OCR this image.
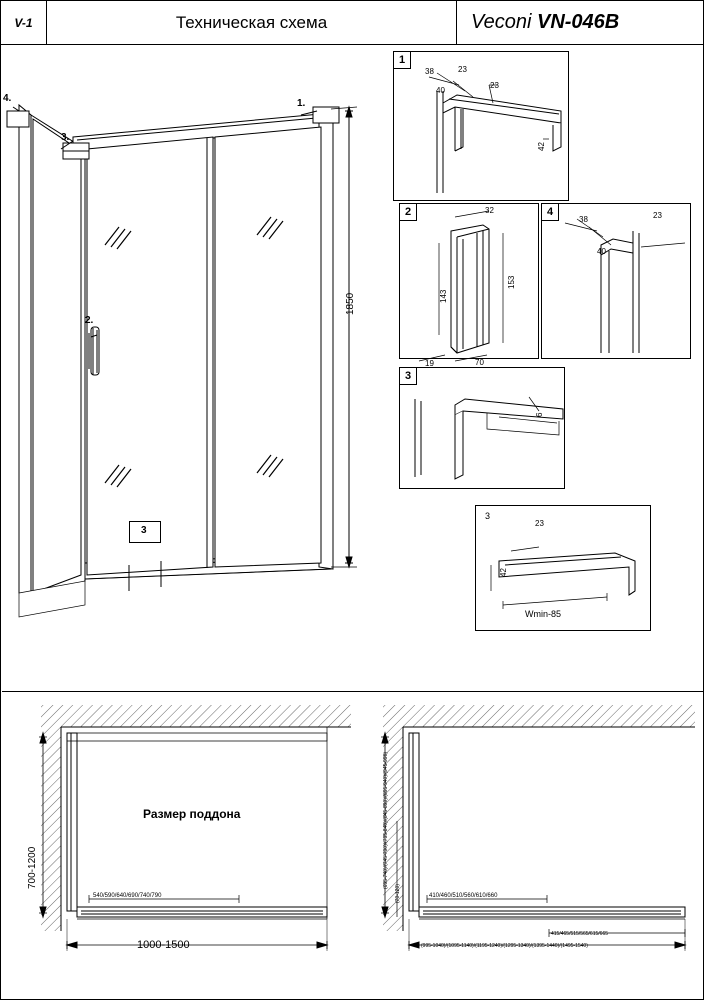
V-1	Техническая схема	Veconi
VN-046B
4.
3.
1.
2.
1850
3
1
38	23
23
40
42
2	32
143
153
19	70
3
6
4
38	23
40
3
23
42
Wmin-85
Размер поддона
540/590/640/690/740/790
700-1200
1000-1500
(695-740)/(745-790)/(795-840)/(845-890)/(895-940)/(945-990)
(70-120)	410/460/510/560/610/660
(995-1040)/(1095-1140)/(1195-1240)/(1295-1340)/(1395-1440)/(1495-1540)
415/465/515/565/615/665
